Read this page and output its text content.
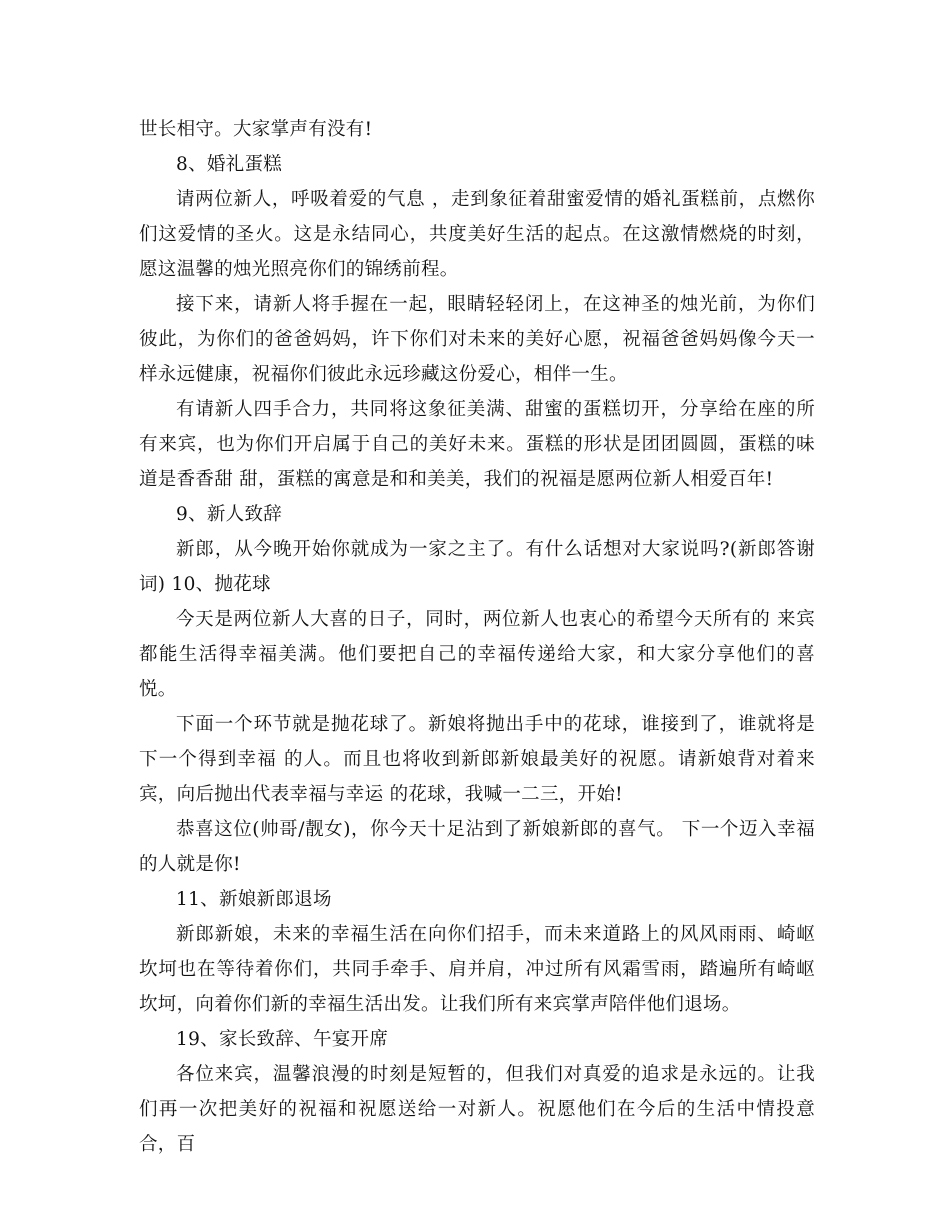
世长相守。大家掌声有没有!

8、婚礼蛋糕

请两位新人，呼吸着爱的气息 ，走到象征着甜蜜爱情的婚礼蛋糕前，点燃你们这爱情的圣火。这是永结同心，共度美好生活的起点。在这激情燃烧的时刻，愿这温馨的烛光照亮你们的锦绣前程。

接下来，请新人将手握在一起，眼睛轻轻闭上，在这神圣的烛光前，为你们彼此，为你们的爸爸妈妈，许下你们对未来的美好心愿，祝福爸爸妈妈像今天一样永远健康，祝福你们彼此永远珍藏这份爱心，相伴一生。

有请新人四手合力，共同将这象征美满、甜蜜的蛋糕切开，分享给在座的所有来宾，也为你们开启属于自己的美好未来。蛋糕的形状是团团圆圆，蛋糕的味道是香香甜 甜，蛋糕的寓意是和和美美，我们的祝福是愿两位新人相爱百年!

9、新人致辞

新郎，从今晚开始你就成为一家之主了。有什么话想对大家说吗?(新郎答谢词) 10、抛花球

今天是两位新人大喜的日子，同时，两位新人也衷心的希望今天所有的 来宾都能生活得幸福美满。他们要把自己的幸福传递给大家，和大家分享他们的喜悦。

下面一个环节就是抛花球了。新娘将抛出手中的花球，谁接到了，谁就将是下一个得到幸福 的人。而且也将收到新郎新娘最美好的祝愿。请新娘背对着来宾，向后抛出代表幸福与幸运 的花球，我喊一二三，开始!

恭喜这位(帅哥/靓女)，你今天十足沾到了新娘新郎的喜气。 下一个迈入幸福的人就是你!

11、新娘新郎退场

新郎新娘，未来的幸福生活在向你们招手，而未来道路上的风风雨雨、崎岖坎坷也在等待着你们，共同手牵手、肩并肩，冲过所有风霜雪雨，踏遍所有崎岖坎坷，向着你们新的幸福生活出发。让我们所有来宾掌声陪伴他们退场。

19、家长致辞、午宴开席

各位来宾，温馨浪漫的时刻是短暂的，但我们对真爱的追求是永远的。让我们再一次把美好的祝福和祝愿送给一对新人。祝愿他们在今后的生活中情投意合，百
